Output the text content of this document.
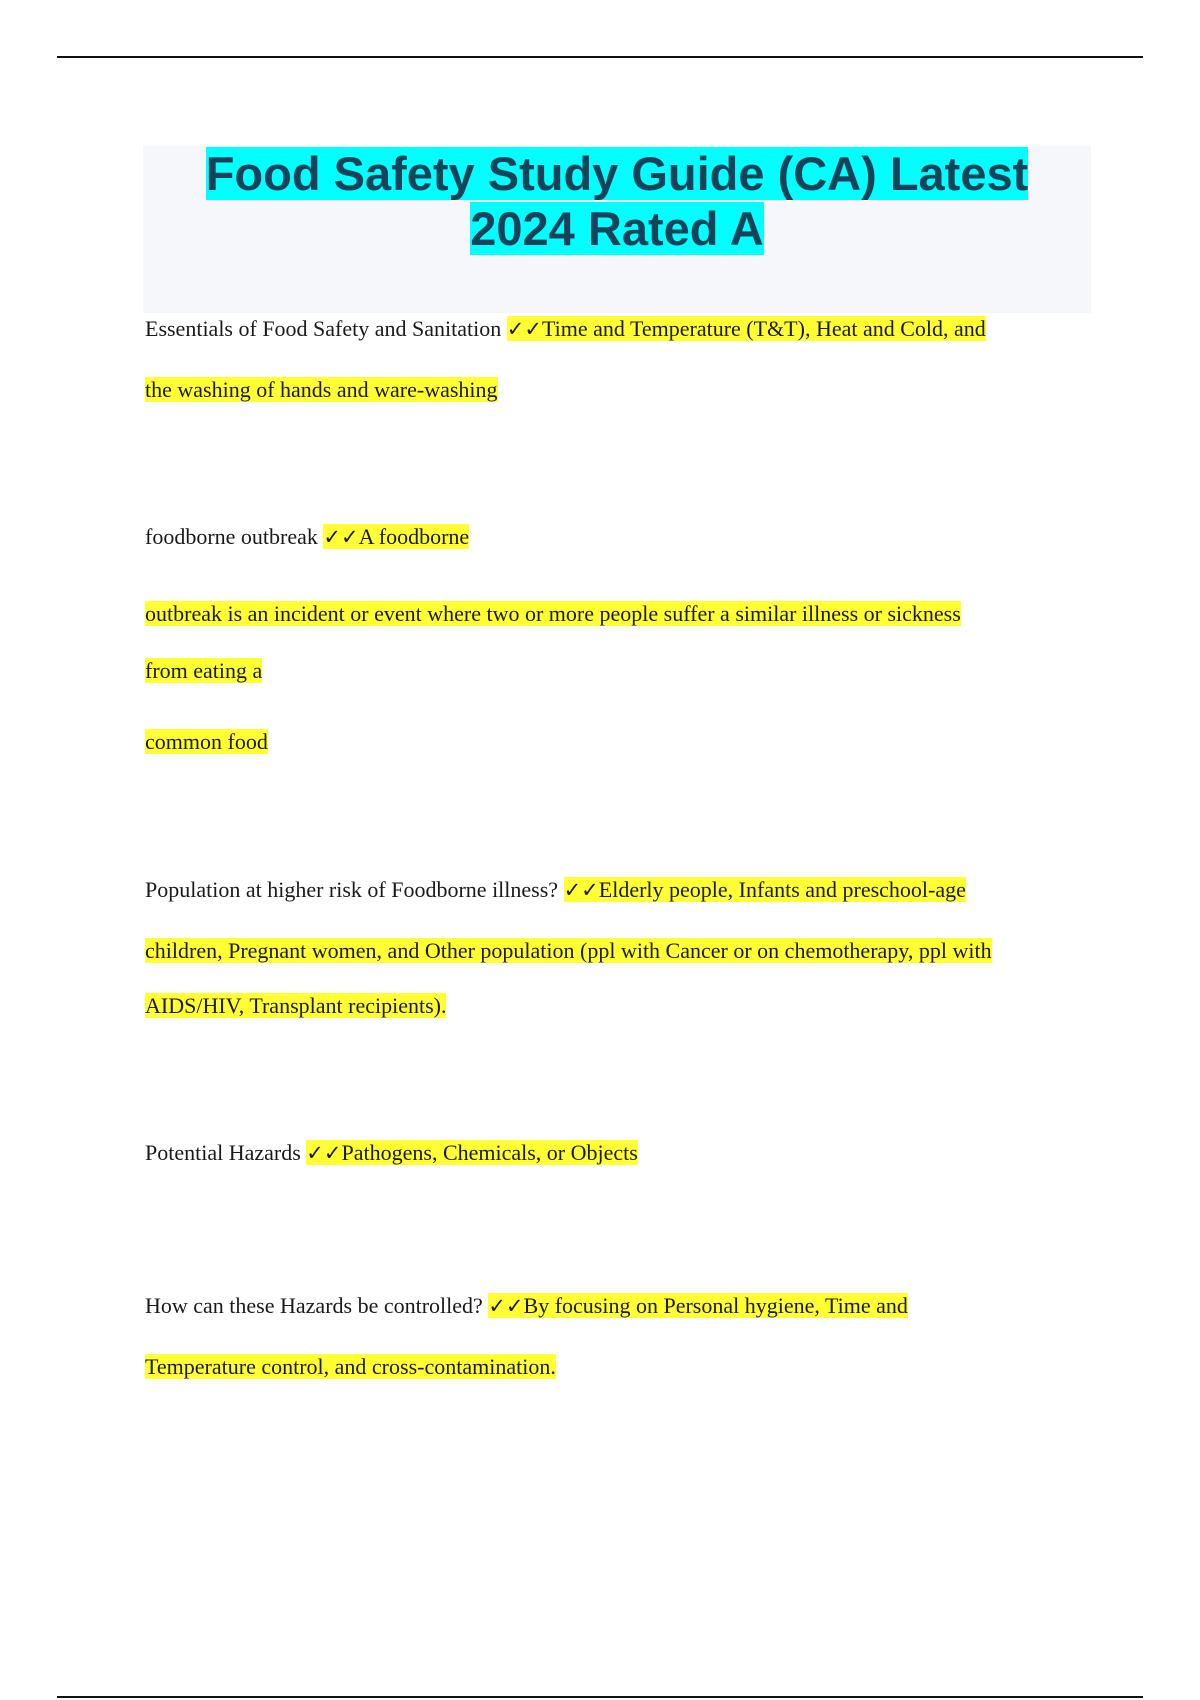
Food Safety Study Guide (CA) Latest
2024 Rated A
Essentials of Food Safety and Sanitation ✓✓Time and Temperature (T&T), Heat and Cold, and
the washing of hands and ware-washing
foodborne outbreak ✓✓A foodborne
outbreak is an incident or event where two or more people suffer a similar illness or sickness
from eating a
common food
Population at higher risk of Foodborne illness? ✓✓Elderly people, Infants and preschool-age
children, Pregnant women, and Other population (ppl with Cancer or on chemotherapy, ppl with
AIDS/HIV, Transplant recipients).
Potential Hazards ✓✓Pathogens, Chemicals, or Objects
How can these Hazards be controlled? ✓✓By focusing on Personal hygiene, Time and
Temperature control, and cross-contamination.
